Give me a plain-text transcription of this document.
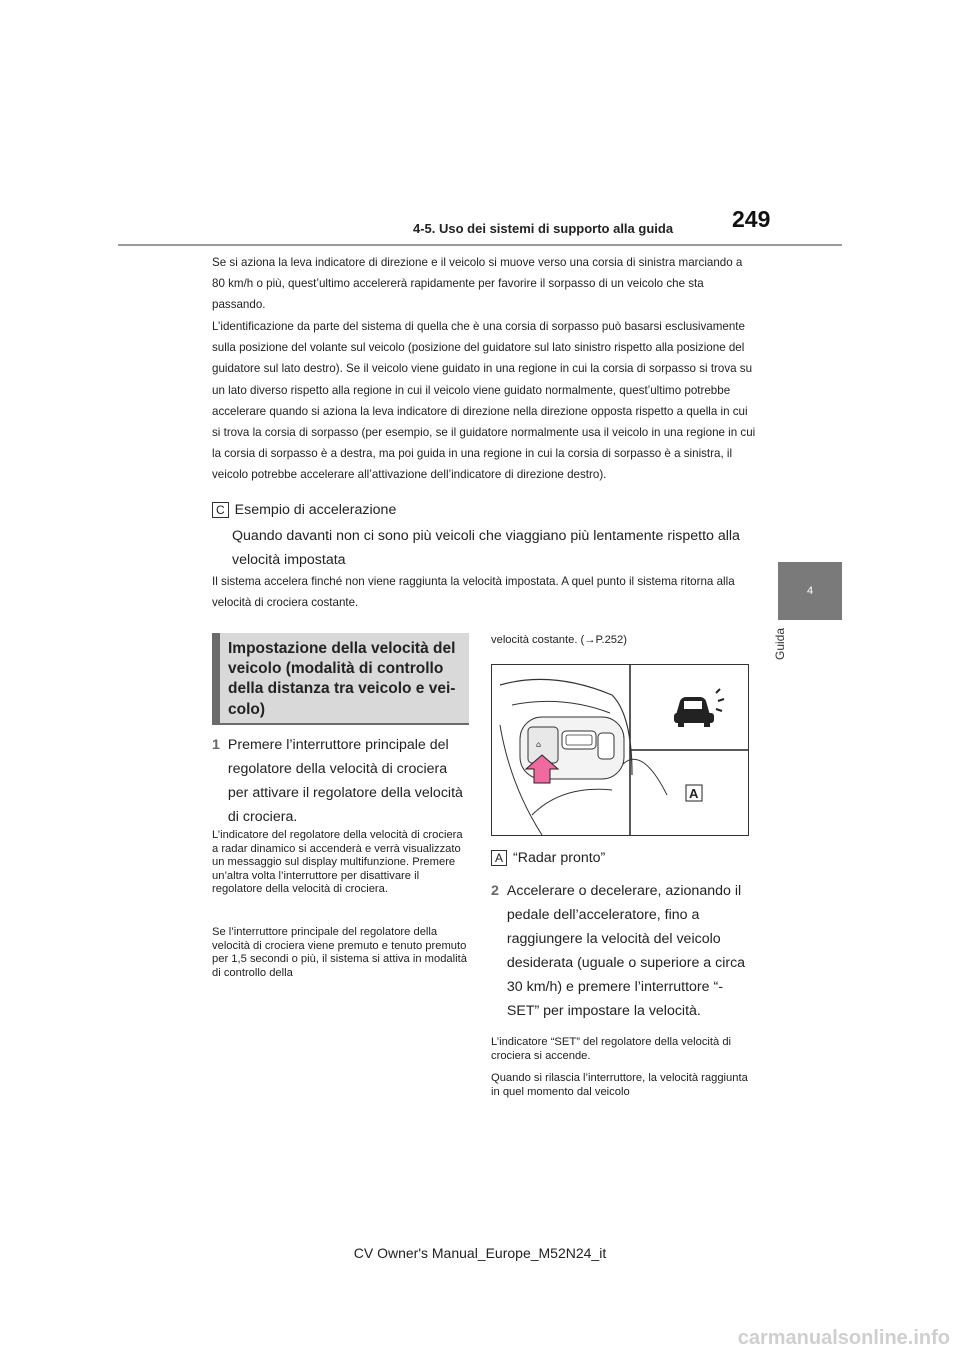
4-5. Uso dei sistemi di supporto alla guida	249
4
Guida
Se si aziona la leva indicatore di direzione e il veicolo si muove verso una corsia di sinistra marciando a 80 km/h o più, quest’ultimo accelererà rapidamente per favorire il sorpasso di un veicolo che sta passando.
L’identificazione da parte del sistema di quella che è una corsia di sorpasso può basarsi esclusivamente sulla posizione del volante sul veicolo (posizione del guidatore sul lato sinistro rispetto alla posizione del guidatore sul lato destro). Se il veicolo viene guidato in una regione in cui la corsia di sorpasso si trova su un lato diverso rispetto alla regione in cui il veicolo viene guidato normalmente, quest’ultimo potrebbe accelerare quando si aziona la leva indicatore di direzione nella direzione opposta rispetto a quella in cui si trova la corsia di sorpasso (per esempio, se il guidatore normalmente usa il veicolo in una regione in cui la corsia di sorpasso è a destra, ma poi guida in una regione in cui la corsia di sorpasso è a sinistra, il veicolo potrebbe accelerare all’attivazione dell’indicatore di direzione destro).
C Esempio di accelerazione
Quando davanti non ci sono più veicoli che viaggiano più lentamente rispetto alla velocità impostata
Il sistema accelera finché non viene raggiunta la velocità impostata. A quel punto il sistema ritorna alla velocità di crociera costante.
Impostazione della velocità del veicolo (modalità di controllo della distanza tra veicolo e veicolo)
1 Premere l’interruttore principale del regolatore della velocità di crociera per attivare il regolatore della velocità di crociera.
L’indicatore del regolatore della velocità di crociera a radar dinamico si accenderà e verrà visualizzato un messaggio sul display multifunzione. Premere un’altra volta l’interruttore per disattivare il regolatore della velocità di crociera.
Se l’interruttore principale del regolatore della velocità di crociera viene premuto e tenuto premuto per 1,5 secondi o più, il sistema si attiva in modalità di controllo della
velocità costante. (→P.252)
⌂
A
A “Radar pronto”
2 Accelerare o decelerare, azionando il pedale dell’acceleratore, fino a raggiungere la velocità del veicolo desiderata (uguale o superiore a circa 30 km/h) e premere l’interruttore “-SET” per impostare la velocità.
L’indicatore “SET” del regolatore della velocità di crociera si accende.
Quando si rilascia l’interruttore, la velocità raggiunta in quel momento dal veicolo
CV Owner's Manual_Europe_M52N24_it
carmanualsonline.info
